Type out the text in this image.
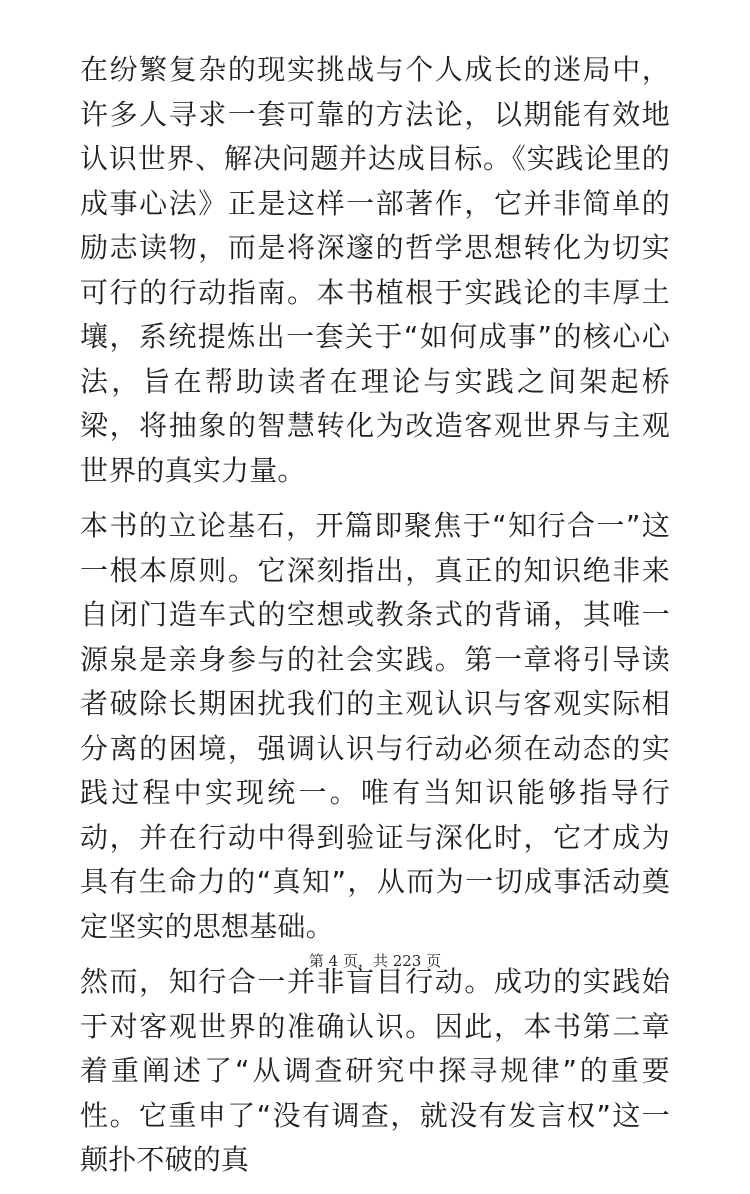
在纷繁复杂的现实挑战与个人成长的迷局中，许多人寻求一套可靠的方法论，以期能有效地认识世界、解决问题并达成目标。《实践论里的成事心法》正是这样一部著作，它并非简单的励志读物，而是将深邃的哲学思想转化为切实可行的行动指南。本书植根于实践论的丰厚土壤，系统提炼出一套关于“如何成事”的核心心法，旨在帮助读者在理论与实践之间架起桥梁，将抽象的智慧转化为改造客观世界与主观世界的真实力量。

本书的立论基石，开篇即聚焦于“知行合一”这一根本原则。它深刻指出，真正的知识绝非来自闭门造车式的空想或教条式的背诵，其唯一源泉是亲身参与的社会实践。第一章将引导读者破除长期困扰我们的主观认识与客观实际相分离的困境，强调认识与行动必须在动态的实践过程中实现统一。唯有当知识能够指导行动，并在行动中得到验证与深化时，它才成为具有生命力的“真知”，从而为一切成事活动奠定坚实的思想基础。

然而，知行合一并非盲目行动。成功的实践始于对客观世界的准确认识。因此，本书第二章着重阐述了“从调查研究中探寻规律”的重要性。它重申了“没有调查，就没有发言权”这一颠扑不破的真

第 4 页，共 223 页
